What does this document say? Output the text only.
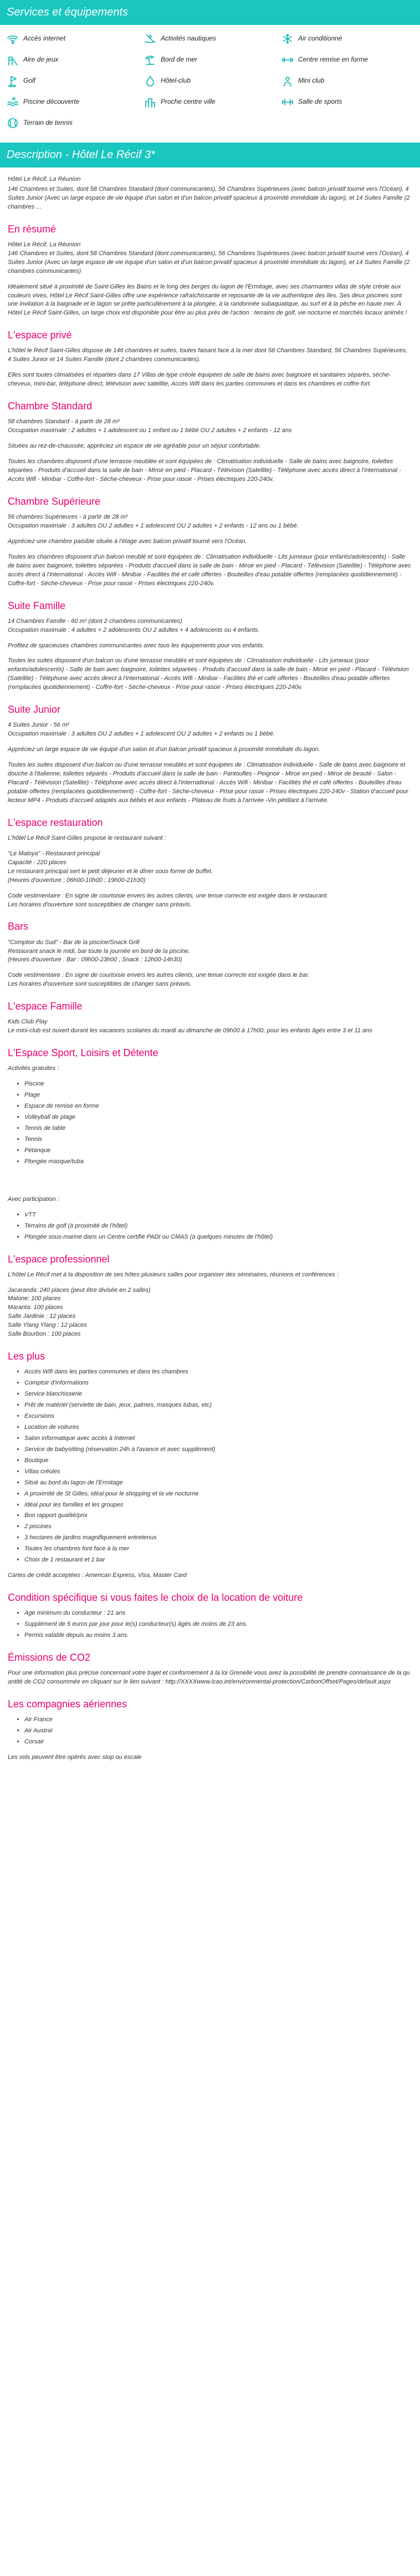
Services et équipements
Accès internet	Activités nautiques	Air conditionné
Aire de jeux	Bord de mer	Centre remise en forme
Golf	Hôtel-club	Mini club
Piscine découverte	Proche centre ville	Salle de sports
Terrain de tennis
Description - Hôtel Le Récif 3*

Hôtel Le Récif, La Réunion

146 Chambres et Suites, dont 58 Chambres Standard (dont communicantes), 56 Chambres Supérieures (avec balcon privatif tourné vers l'Océan), 4 Suites Junior (Avec un large espace de vie équipé d'un salon et d'un balcon privatif spacieux à proximité immédiate du lagon), et 14 Suites Famille (2 chambres ...

En résumé

Hôtel Le Récif, La Réunion

146 Chambres et Suites, dont 58 Chambres Standard (dont communicantes), 56 Chambres Supérieures (avec balcon privatif tourné vers l'Océan), 4 Suites Junior (Avec un large espace de vie équipé d'un salon et d'un balcon privatif spacieux à proximité immédiate du lagon), et 14 Suites Famille (2 chambres communicantes)

Idéalement situé à proximité de Saint-Gilles les Bains et le long des berges du lagon de l'Ermitage, avec ses charmantes villas de style créole aux couleurs vives, Hôtel Le Récif Saint-Gilles offre une expérience rafraîchissante et reposante de la vie authentique des îles. Ses deux piscines sont une invitation à la baignade et le lagon se prête particulièrement à la plongée, à la randonnée subaquatique, au surf et à la pêche en haute mer. À Hôtel Le Récif Saint-Gilles, un large choix est disponible pour être au plus près de l'action : terrains de golf, vie nocturne et marchés locaux animés !

L'espace privé

L'hôtel le Récif Saint-Gilles dispose de 146 chambres et suites, toutes faisant face à la mer dont 58 Chambres Standard, 56 Chambres Supérieures, 4 Suites Junior et 14 Suites Famille (dont 2 chambres communicantes).

Elles sont toutes climatisées et réparties dans 17 Villas de type créole équipées de salle de bains avec baignoire et sanitaires séparés, sèche-cheveux, mini-bar, téléphone direct, télévision avec satellite, Accès Wifi dans les parties communes et dans les chambres et coffre-fort.

Chambre Standard

58 chambres Standard - à partir de 28 m²
Occupation maximale : 2 adultes + 1 adolescent ou 1 enfant ou 1 bébé OU 2 adultes + 2 enfants - 12 ans

Situées au rez-de-chaussée, appréciez un espace de vie agréable pour un séjour confortable.

Toutes les chambres disposent d'une terrasse meublée et sont équipées de : Climatisation individuelle - Salle de bains avec baignoire, toilettes séparées - Produits d'accueil dans la salle de bain - Miroir en pied - Placard - Télévision (Satellite) - Téléphone avec accès direct à l'international - Accès Wifi - Minibar - Coffre-fort - Sèche-cheveux - Prise pour rasoir - Prises électriques 220-240v.

Chambre Supérieure

56 chambres Supérieures - à partir de 28 m²
Occupation maximale : 3 adultes OU 2 adultes + 1 adolescent OU 2 adultes + 2 enfants - 12 ans ou 1 bébé.

Appréciez une chambre paisible située à l'étage avec balcon privatif tourné vers l'Océan.

Toutes les chambres disposent d'un balcon meublé et sont équipées de : Climatisation individuelle - Lits jumeaux (pour enfants/adolescents) - Salle de bains avec baignoire, toilettes séparées - Produits d'accueil dans la salle de bain - Miroir en pied - Placard - Télévision (Satellite) - Téléphone avec accès direct à l'international - Accès Wifi - Minibar - Facilités thé et café offertes - Bouteilles d'eau potable offertes (remplacées quotidiennement) - Coffre-fort - Sèche-cheveux - Prise pour rasoir - Prises électriques 220-240v.

Suite Famille

14 Chambres Famille - 60 m² (dont 2 chambres communicantes)
Occupation maximale : 4 adultes + 2 adolescents OU 2 adultes + 4 adolescents ou 4 enfants.

Profitez de spacieuses chambres communicantes avec tous les équipements pour vos enfants.

Toutes les suites disposent d'un balcon ou d'une terrasse meublés et sont équipées de : Climatisation individuelle - Lits jumeaux (pour enfants/adolescents) - Salle de bain avec baignoire, toilettes séparées - Produits d'accueil dans la salle de bain - Miroir en pied - Placard - Télévision (Satellite) - Téléphone avec accès direct à l'international - Accès Wifi - Minibar - Facilités thé et café offertes - Bouteilles d'eau potable offertes (remplacées quotidiennement) - Coffre-fort - Sèche-cheveux - Prise pour rasoir - Prises électriques 220-240v.

Suite Junior

4 Suites Junior - 56 m²
Occupation maximale : 3 adultes OU 2 adultes + 1 adolescent OU 2 adultes + 2 enfants ou 1 bébé.

Appréciez un large espace de vie équipé d'un salon et d'un balcon privatif spacieux à proximité immédiate du lagon.

Toutes les suites disposent d'un balcon ou d'une terrasse meublés et sont équipées de : Climatisation individuelle - Salle de bains avec baignoire et douche à l'italienne, toilettes séparés - Produits d'accueil dans la salle de bain - Pantoufles - Peignoir - Miroir en pied - Miroir de beauté - Salon - Placard - Télévision (Satellite) - Téléphone avec accès direct à l'international - Accès Wifi - Minibar - Facilités thé et café offertes - Bouteilles d'eau potable offertes (remplacées quotidiennement) - Coffre-fort - Sèche-cheveux - Prise pour rasoir - Prises électriques 220-240v - Station d'accueil pour lecteur MP4 - Produits d'accueil adaptés aux bébés et aux enfants - Plateau de fruits à l'arrivée -Vin pétillant à l'arrivée.

L'espace restauration

L'hôtel Le Récif Saint-Gilles propose le restaurant suivant :

"Le Maloya" - Restaurant principal
Capacité : 220 places
Le restaurant principal sert le petit déjeuner et le dîner sous forme de buffet.
(Heures d'ouverture : 06h00-10h00 ; 19h00-21h30)

Code vestimentaire : En signe de courtoisie envers les autres clients, une tenue correcte est exigée dans le restaurant.
Les horaires d'ouverture sont susceptibles de changer sans préavis.

Bars

"Comptoir du Sud" - Bar de la piscine/Snack Grill
Restaurant snack le midi, bar toute la journée en bord de la piscine.
(Heures d'ouverture : Bar : 09h00-23h00 ; Snack : 12h00-14h30)

Code vestimentaire : En signe de courtoisie envers les autres clients, une tenue correcte est exigée dans le bar.
Les horaires d'ouverture sont susceptibles de changer sans préavis.

L'espace Famille

Kids Club Play
Le mini-club est ouvert durant les vacances scolaires du mardi au dimanche de 09h00 à 17h00, pour les enfants âgés entre 3 et 11 ans

L'Espace Sport, Loisirs et Détente

Activités gratuites :

• Piscine
• Plage
• Espace de remise en forme
• Volleyball de plage
• Tennis de table
• Tennis
• Pétanque
• Plongée masque/tuba

Avec participation :

• VTT
• Terrains de golf (à proximité de l'hôtel)
• Plongée sous-marine dans un Centre certifié PADI ou CMAS (à quelques minutes de l'hôtel)
L'espace professionnel

L'hôtel Le Récif met à la disposition de ses hôtes plusieurs salles pour organiser des séminaires, réunions et conférences :

Jacaranda: 240 places (peut être divisée en 2 salles)
Malone: 100 places
Maranta: 100 places
Salle Jardinie : 12 places
Salle Ylang Ylang : 12 places
Salle Bourbon : 100 places

Les plus
• Accès Wifi dans les parties communes et dans les chambres
• Comptoir d'informations
• Service blanchisserie
• Prêt de matériel (serviette de bain, jeux, palmes, masques tubas, etc)
• Excursions
• Location de voitures
• Salon informatique avec accès à Internet
• Service de babysitting (réservation 24h à l'avance et avec supplément)
• Boutique
• Villas créoles
• Situé au bord du lagon de l'Ermitage
• A proximité de St Gilles, idéal pour le shopping et la vie nocturne
• Idéal pour les familles et les groupes
• Bon rapport qualité/prix
• 2 piscines
• 3 hectares de jardins magnifiquement entretenus
• Toutes les chambres font face à la mer
• Choix de 1 restaurant et 1 bar

Cartes de crédit acceptées : American Express, Visa, Master Card

Condition spécifique si vous faites le choix de la location de voiture
• Age minimum du conducteur : 21 ans
• Supplément de 5 euros par jour pour le(s) conducteur(s) âgés de moins de 23 ans.
• Permis valable depuis au moins 3 ans.
Émissions de CO2

Pour une information plus précise concernant votre trajet et conformément à la loi Grenelle vous avez la possibilité de prendre connaissance de la quantité de CO2 consommée en cliquant sur le lien suivant : http://XXXXwww.icao.int/environmental-protection/CarbonOffset/Pages/default.aspx

Les compagnies aériennes
• Air France
• Air Austral
• Corsair

Les vols peuvent être opérés avec stop ou escale
